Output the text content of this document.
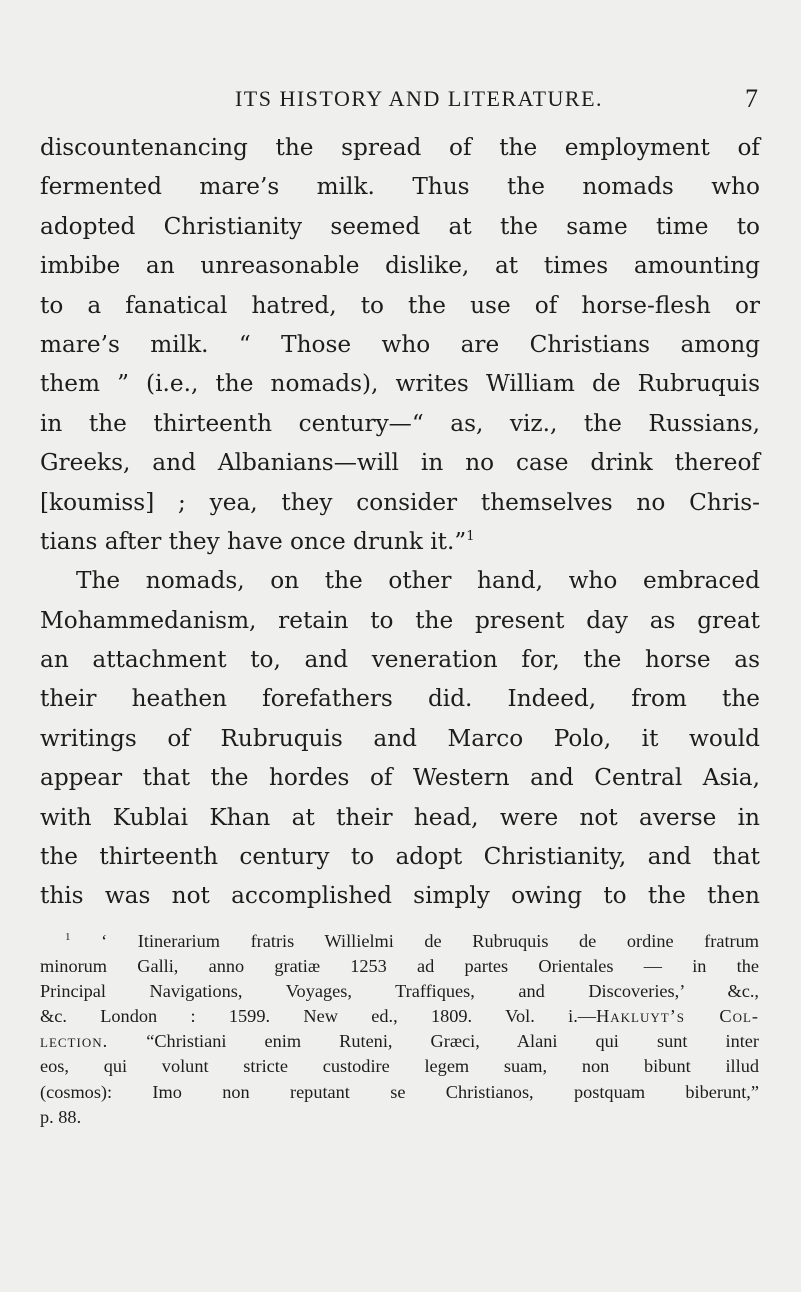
ITS HISTORY AND LITERATURE.	7
discountenancing the spread of the employment of
fermented mare’s milk. Thus the nomads who
adopted Christianity seemed at the same time to
imbibe an unreasonable dislike, at times amounting
to a fanatical hatred, to the use of horse-flesh or
mare’s milk. “ Those who are Christians among
them ” (i.e., the nomads), writes William de Rubruquis
in the thirteenth century—“ as, viz., the Russians,
Greeks, and Albanians—will in no case drink thereof
[koumiss] ; yea, they consider themselves no Chris-
tians after they have once drunk it.”$^1$
The nomads, on the other hand, who embraced
Mohammedanism, retain to the present day as great
an attachment to, and veneration for, the horse as
their heathen forefathers did. Indeed, from the
writings of Rubruquis and Marco Polo, it would
appear that the hordes of Western and Central Asia,
with Kublai Khan at their head, were not averse in
the thirteenth century to adopt Christianity, and that
this was not accomplished simply owing to the then
$^1$ ‘ Itinerarium fratris Willielmi de Rubruquis de ordine fratrum
minorum Galli, anno gratiæ 1253 ad partes Orientales — in the
Principal Navigations, Voyages, Traffiques, and Discoveries,’ &c.,
&c. London : 1599. New ed., 1809. Vol. i.—Hakluyt’s Col-
lection. “Christiani enim Ruteni, Græci, Alani qui sunt inter
eos, qui volunt stricte custodire legem suam, non bibunt illud
(cosmos): Imo non reputant se Christianos, postquam biberunt,”
p. 88.
